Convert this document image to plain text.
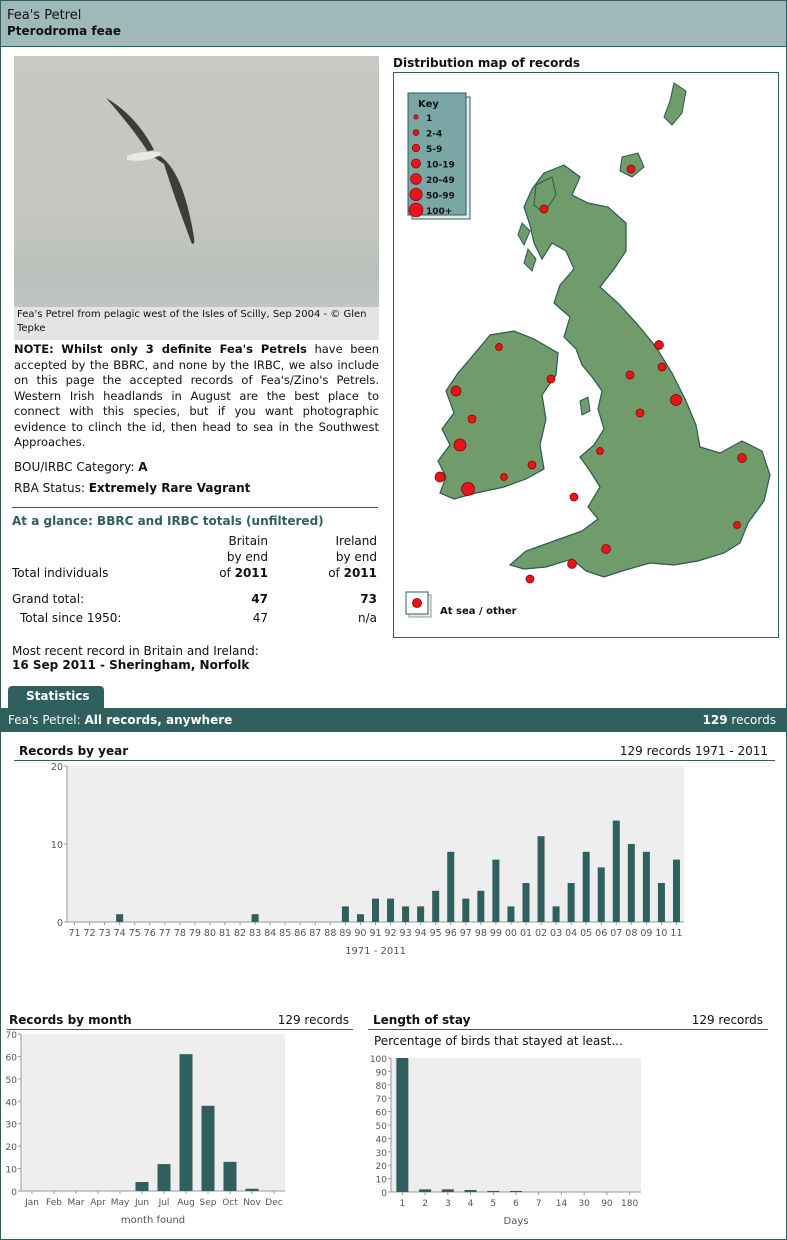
Fea's Petrel
Pterodroma feae
Fea's Petrel from pelagic west of the Isles of Scilly, Sep 2004 - © Glen Tepke
NOTE: Whilst only 3 definite Fea's Petrels have been accepted by the BBRC, and none by the IRBC, we also include on this page the accepted records of Fea's/Zino's Petrels. Western Irish headlands in August are the best place to connect with this species, but if you want photographic evidence to clinch the id, then head to sea in the Southwest Approaches.
BOU/IRBC Category: A
RBA Status: Extremely Rare Vagrant
At a glance: BBRC and IRBC totals (unfiltered)
Britain	Ireland
by end	by end
Total individuals	of 2011	of 2011
Grand total:	47	73
Total since 1950:	47	n/a
Most recent record in Britain and Ireland:
16 Sep 2011 - Sheringham, Norfolk
Distribution map of records
Key
1
2-4
5-9
10-19
20-49
50-99
100+
At sea / other
Statistics
Fea's Petrel: All records, anywhere	129 records
Records by year	129 records 1971 - 2011
0
10
20
71 72 73 74 75 76 77 78 79 80 81 82 83 84 85 86 87 88 89 90 91 92 93 94 95 96 97 98 99 00 01 02 03 04 05 06 07 08 09 10 11
1971 - 2011
Records by month	129 records
0
10
20
30
40
50
60
70
Jan Feb Mar Apr May Jun Jul Aug Sep Oct Nov Dec
month found
Length of stay	129 records
Percentage of birds that stayed at least...
0
10
20
30
40
50
60
70
80
90
100
1 2 3 4 5 6 7 14 30 90 180
Days
